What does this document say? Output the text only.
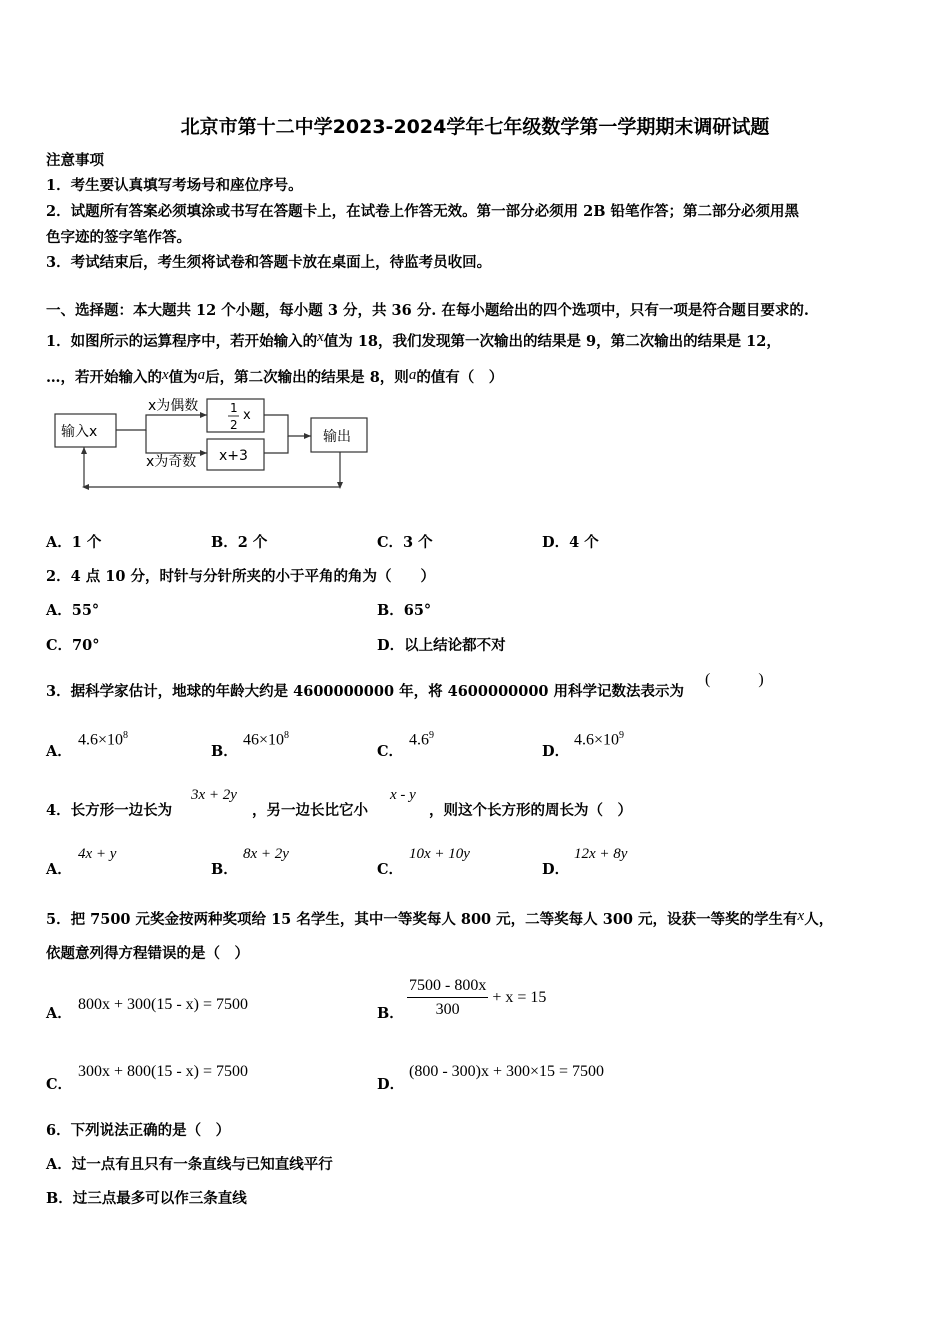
北京市第十二中学2023-2024学年七年级数学第一学期期末调研试题
注意事项
1．考生要认真填写考场号和座位序号。
2．试题所有答案必须填涂或书写在答题卡上，在试卷上作答无效。第一部分必须用 2B 铅笔作答；第二部分必须用黑
色字迹的签字笔作答。
3．考试结束后，考生须将试卷和答题卡放在桌面上，待监考员收回。
一、选择题：本大题共 12 个小题，每小题 3 分，共 36 分. 在每小题给出的四个选项中，只有一项是符合题目要求的.
1．如图所示的运算程序中，若开始输入的x值为 18，我们发现第一次输出的结果是 9，第二次输出的结果是 12，
…，若开始输入的x值为a后，第二次输出的结果是 8，则a的值有（　）
输入x
x为偶数
x为奇数
1
2
x
x+3
输出
A．1 个	B．2 个	C．3 个	D．4 个
2．4 点 10 分，时针与分针所夹的小于平角的角为（　　）
A．55°	B．65°
C．70°	D．以上结论都不对
3．据科学家估计，地球的年龄大约是 4600000000 年，将 4600000000 用科学记数法表示为
(　　　)
A．
$4.6\times 10^8$
B．
$46\times 10^8$
C．
$4.6^9$
D．
$4.6\times 10^9$
4．长方形一边长为
3x + 2y
，另一边长比它小
x - y
，则这个长方形的周长为（　）
A．
4x + y
B．
8x + 2y
C．
10x + 10y
D．
12x + 8y
5．把 7500 元奖金按两种奖项给 15 名学生，其中一等奖每人 800 元，二等奖每人 300 元，设获一等奖的学生有x人，
依题意列得方程错误的是（　）
A．
800x + 300(15 - x) = 7500
B． $\frac{7500 - 800x}{300} + x = 15$
C．
300x + 800(15 - x) = 7500
D．
(800 - 300)x + 300×15 = 7500
6．下列说法正确的是（　）
A．过一点有且只有一条直线与已知直线平行
B．过三点最多可以作三条直线
